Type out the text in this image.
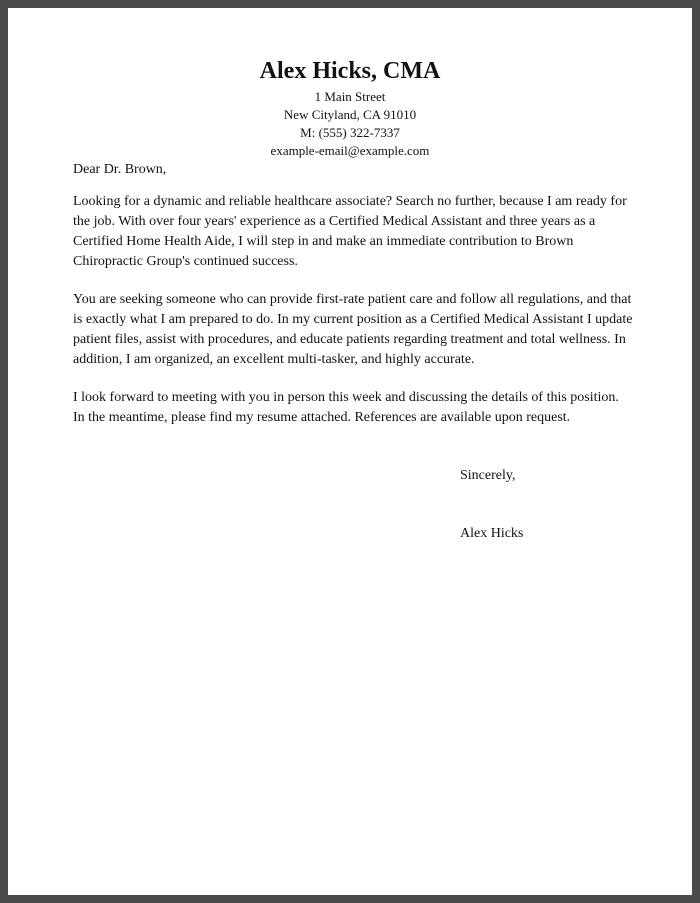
Alex Hicks, CMA
1 Main Street
New Cityland, CA 91010
M: (555) 322-7337
example-email@example.com

Dear Dr. Brown,

Looking for a dynamic and reliable healthcare associate? Search no further, because I am ready for the job. With over four years' experience as a Certified Medical Assistant and three years as a Certified Home Health Aide, I will step in and make an immediate contribution to Brown Chiropractic Group's continued success.

You are seeking someone who can provide first-rate patient care and follow all regulations, and that is exactly what I am prepared to do. In my current position as a Certified Medical Assistant I update patient files, assist with procedures, and educate patients regarding treatment and total wellness. In addition, I am organized, an excellent multi-tasker, and highly accurate.

I look forward to meeting with you in person this week and discussing the details of this position. In the meantime, please find my resume attached. References are available upon request.

Sincerely,
Alex Hicks
